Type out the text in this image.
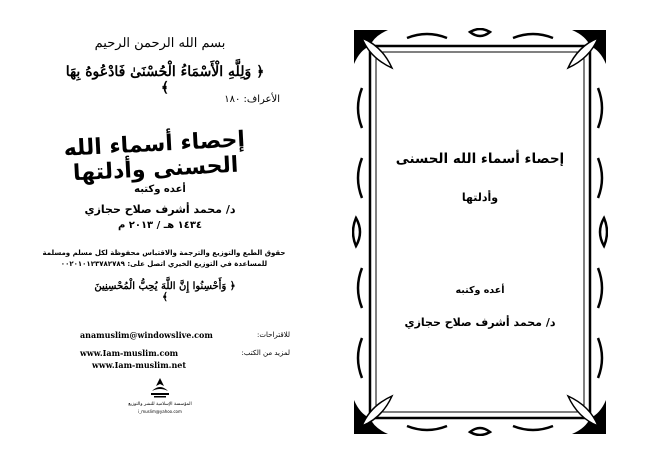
بسم الله الرحمن الرحيم
﴿ وَلِلَّهِ الْأَسْمَاءُ الْحُسْنَىٰ فَادْعُوهُ بِهَا ﴾
الأعراف: ١٨٠
إحصاء أسماء الله الحسنى وأدلتها
أعده وكتبه
د/ محمد أشرف صلاح حجازي
١٤٣٤ هـ / ٢٠١٣ م
حقوق الطبع والتوزيع والترجمة والاقتباس محفوظة لكل مسلم ومسلمة
للمساعدة في التوزيع الخيري اتصل على: ٠٠٢٠١٠١٢٣٧٨٢٧٨٩
﴿ وَأَحْسِنُوا إِنَّ اللَّهَ يُحِبُّ الْمُحْسِنِينَ ﴾
للاقتراحات:
anamuslim@windowslive.com
لمزيد من الكتب:
www.Iam-muslim.com
www.Iam-muslim.net
المؤسسة الإسلامية للنشر والتوزيع
i_muslim@yahoo.com
إحصاء أسماء الله الحسنى
وأدلتها
أعده وكتبه
د/ محمد أشرف صلاح حجازي
